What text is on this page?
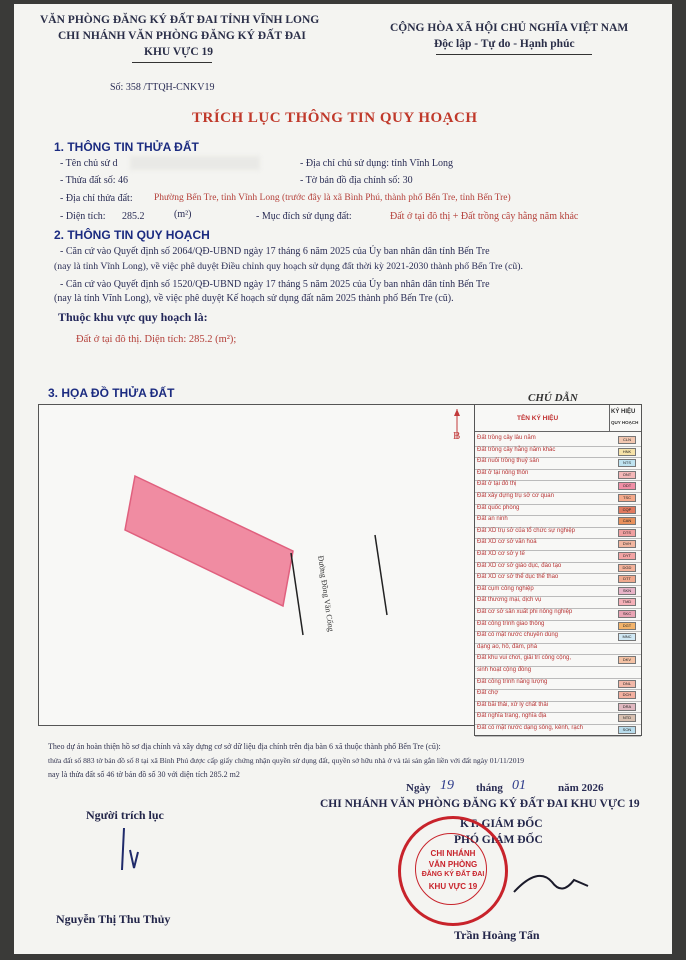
VĂN PHÒNG ĐĂNG KÝ ĐẤT ĐAI TỈNH VĨNH LONG
CHI NHÁNH VĂN PHÒNG ĐĂNG KÝ ĐẤT ĐAI
KHU VỰC 19
Số: 358 /TTQH-CNKV19
CỘNG HÒA XÃ HỘI CHỦ NGHĨA VIỆT NAM
Độc lập - Tự do - Hạnh phúc
TRÍCH LỤC THÔNG TIN QUY HOẠCH
1. THÔNG TIN THỬA ĐẤT
- Tên chủ sử d	- Địa chỉ chủ sử dụng: tỉnh Vĩnh Long
- Thửa đất số: 46	- Tờ bản đồ địa chính số: 30
- Địa chỉ thửa đất: Phường Bến Tre, tỉnh Vĩnh Long (trước đây là xã Bình Phú, thành phố Bến Tre, tỉnh Bến Tre)
- Diện tích: 285.2	(m²)	- Mục đích sử dụng đất:	Đất ở tại đô thị + Đất trồng cây hằng năm khác
2. THÔNG TIN QUY HOẠCH
- Căn cứ vào Quyết định số 2064/QĐ-UBND ngày 17 tháng 6 năm 2025 của Ủy ban nhân dân tỉnh Bến Tre
(nay là tỉnh Vĩnh Long), về việc phê duyệt Điều chỉnh quy hoạch sử dụng đất thời kỳ 2021-2030 thành phố Bến Tre (cũ).
- Căn cứ vào Quyết định số 1520/QĐ-UBND ngày 17 tháng 5 năm 2025 của Ủy ban nhân dân tỉnh Bến Tre
(nay là tỉnh Vĩnh Long), về việc phê duyệt Kế hoạch sử dụng đất năm 2025 thành phố Bến Tre (cũ).
Thuộc khu vực quy hoạch là:
Đất ở tại đô thị. Diện tích: 285.2 (m²);
3. HỌA ĐỒ THỬA ĐẤT
B
Đường Đồng Văn Cống
CHÚ DẪN
TÊN KÝ HIỆU
KÝ HIỆU
QUY HOẠCH
Đất trồng cây lâu năm	CLN
Đất trồng cây hằng năm khác	HNK
Đất nuôi trồng thuỷ sản	NTS
Đất ở tại nông thôn	ONT
Đất ở tại đô thị	ODT
Đất xây dựng trụ sở cơ quan	TSC
Đất quốc phòng	CQP
Đất an ninh	CAN
Đất XD trụ sở của tổ chức sự nghiệp	DTS
Đất XD cơ sở văn hoá	DVH
Đất XD cơ sở y tế	DYT
Đất XD cơ sở giáo dục, đào tạo	DGD
Đất XD cơ sở thể dục thể thao	DTT
Đất cụm công nghiệp	SKN
Đất thương mại, dịch vụ	TMD
Đất cơ sở sản xuất phi nông nghiệp	SKC
Đất công trình giao thông	DGT
Đất có mặt nước chuyên dùng	MNC
dạng ao, hồ, đầm, phá
Đất khu vui chơi, giải trí công cộng,	DKV
sinh hoạt cộng đồng
Đất công trình năng lượng	DNL
Đất chợ	DCH
Đất bãi thải, xử lý chất thải	DRA
Đất nghĩa trang, nghĩa địa	NTD
Đất có mặt nước dạng sông, kênh, rạch	SON
Theo dự án hoàn thiện hồ sơ địa chính và xây dựng cơ sở dữ liệu địa chính trên địa bàn 6 xã thuộc thành phố Bến Tre (cũ):
thửa đất số 883 tờ bản đồ số 8 tại xã Bình Phú được cấp giấy chứng nhận quyền sử dụng đất, quyền sở hữu nhà ở và tài sản gắn liền với đất ngày 01/11/2019
nay là thửa đất số 46 tờ bản đồ số 30 với diện tích 285.2 m2
Ngày 19 tháng 01	năm 2026
CHI NHÁNH VĂN PHÒNG ĐĂNG KÝ ĐẤT ĐAI KHU VỰC 19
KT. GIÁM ĐỐC
PHÓ GIÁM ĐỐC
Người trích lục
Nguyễn Thị Thu Thủy
CHI NHÁNH
VĂN PHÒNG
ĐĂNG KÝ ĐẤT ĐAI
KHU VỰC 19
Trần Hoàng Tấn
